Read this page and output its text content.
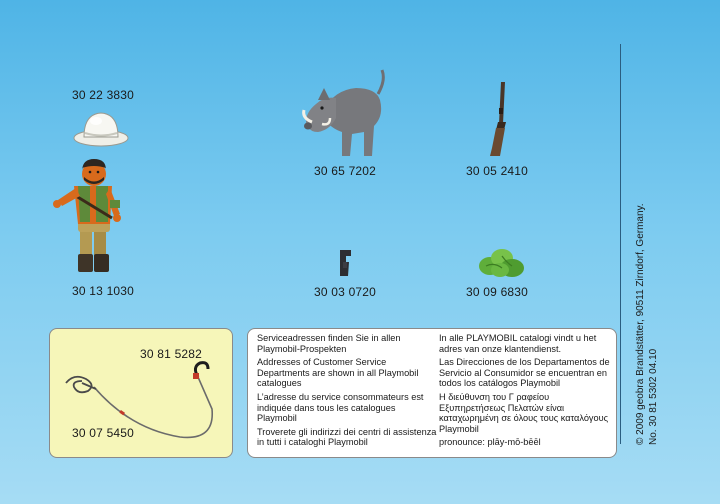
30 22 3830
30 13 1030
30 65 7202	30 05 2410
30 03 0720	30 09 6830	© 2009 geobra Brandstätter, 90511 Zirndorf, Germany. No. 30 81 5302 04.10
30 81 5282
30 07 5450

Serviceadressen finden Sie in allen Playmobil-Prospekten

Addresses of Customer Service Departments are shown in all Playmobil catalogues

L’adresse du service consommateurs est indiquée dans tous les catalogues Playmobil

Troverete gli indirizzi dei centri di assistenza in tutti i cataloghi Playmobil

In alle PLAYMOBIL catalogi vindt u het adres van onze klantendienst.

Las Direcciones de los Departamentos de Servicio al Consumidor se encuentran en todos los catálogos Playmobil

Η διεύθυνση του Γ ραφείου Εξυπηρετήσεως Πελατών είναι καταχωρημένη σε όλους τους καταλόγους Playmobil

pronounce: plāy-mō-bēēl
